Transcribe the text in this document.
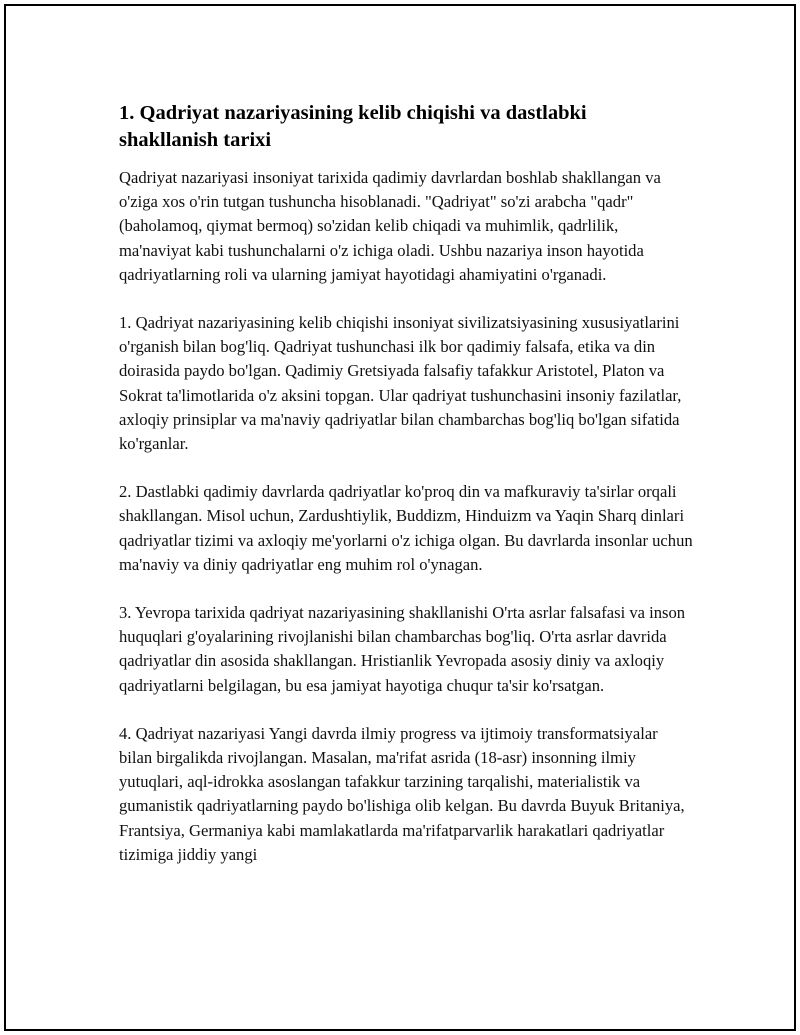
1. Qadriyat nazariyasining kelib chiqishi va dastlabki
shakllanish tarixi

Qadriyat nazariyasi insoniyat tarixida qadimiy davrlardan boshlab shakllangan va o'ziga xos o'rin tutgan tushuncha hisoblanadi. "Qadriyat" so'zi arabcha "qadr" (baholamoq, qiymat bermoq) so'zidan kelib chiqadi va muhimlik, qadrlilik, ma'naviyat kabi tushunchalarni o'z ichiga oladi. Ushbu nazariya inson hayotida qadriyatlarning roli va ularning jamiyat hayotidagi ahamiyatini o'rganadi.

1. Qadriyat nazariyasining kelib chiqishi insoniyat sivilizatsiyasining xususiyatlarini o'rganish bilan bog'liq. Qadriyat tushunchasi ilk bor qadimiy falsafa, etika va din doirasida paydo bo'lgan. Qadimiy Gretsiyada falsafiy tafakkur Aristotel, Platon va Sokrat ta'limotlarida o'z aksini topgan. Ular qadriyat tushunchasini insoniy fazilatlar, axloqiy prinsiplar va ma'naviy qadriyatlar bilan chambarchas bog'liq bo'lgan sifatida ko'rganlar.

2. Dastlabki qadimiy davrlarda qadriyatlar ko'proq din va mafkuraviy ta'sirlar orqali shakllangan. Misol uchun, Zardushtiylik, Buddizm, Hinduizm va Yaqin Sharq dinlari qadriyatlar tizimi va axloqiy me'yorlarni o'z ichiga olgan. Bu davrlarda insonlar uchun ma'naviy va diniy qadriyatlar eng muhim rol o'ynagan.

3. Yevropa tarixida qadriyat nazariyasining shakllanishi O'rta asrlar falsafasi va inson huquqlari g'oyalarining rivojlanishi bilan chambarchas bog'liq. O'rta asrlar davrida qadriyatlar din asosida shakllangan. Hristianlik Yevropada asosiy diniy va axloqiy qadriyatlarni belgilagan, bu esa jamiyat hayotiga chuqur ta'sir ko'rsatgan.

4. Qadriyat nazariyasi Yangi davrda ilmiy progress va ijtimoiy transformatsiyalar bilan birgalikda rivojlangan. Masalan, ma'rifat asrida (18-asr) insonning ilmiy yutuqlari, aql-idrokka asoslangan tafakkur tarzining tarqalishi, materialistik va gumanistik qadriyatlarning paydo bo'lishiga olib kelgan. Bu davrda Buyuk Britaniya, Frantsiya, Germaniya kabi mamlakatlarda ma'rifatparvarlik harakatlari qadriyatlar tizimiga jiddiy yangi
